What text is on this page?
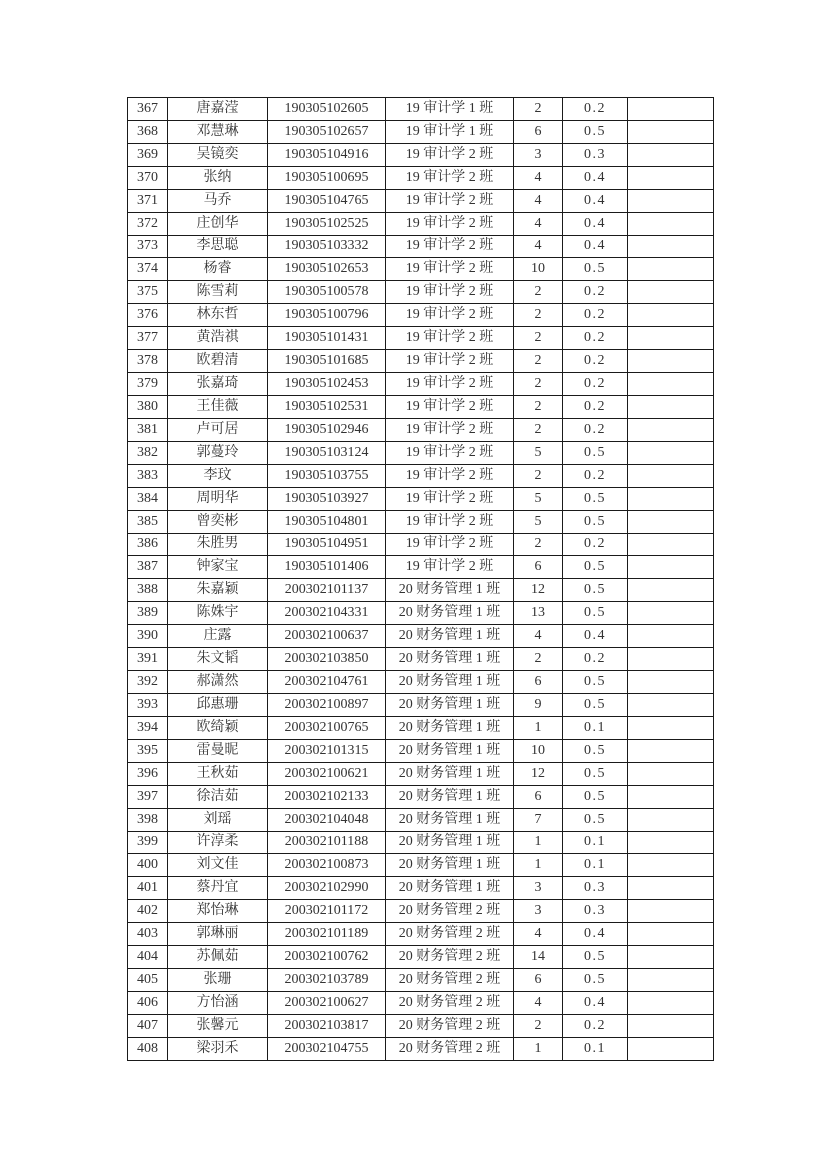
367	唐嘉滢	190305102605	19 审计学 1 班	2	0.2	
368	邓慧琳	190305102657	19 审计学 1 班	6	0.5	
369	吴镜奕	190305104916	19 审计学 2 班	3	0.3	
370	张纳	190305100695	19 审计学 2 班	4	0.4	
371	马乔	190305104765	19 审计学 2 班	4	0.4	
372	庄创华	190305102525	19 审计学 2 班	4	0.4	
373	李思聪	190305103332	19 审计学 2 班	4	0.4	
374	杨睿	190305102653	19 审计学 2 班	10	0.5	
375	陈雪莉	190305100578	19 审计学 2 班	2	0.2	
376	林东哲	190305100796	19 审计学 2 班	2	0.2	
377	黄浩祺	190305101431	19 审计学 2 班	2	0.2	
378	欧碧清	190305101685	19 审计学 2 班	2	0.2	
379	张嘉琦	190305102453	19 审计学 2 班	2	0.2	
380	王佳薇	190305102531	19 审计学 2 班	2	0.2	
381	卢可居	190305102946	19 审计学 2 班	2	0.2	
382	郭蔓玲	190305103124	19 审计学 2 班	5	0.5	
383	李玟	190305103755	19 审计学 2 班	2	0.2	
384	周明华	190305103927	19 审计学 2 班	5	0.5	
385	曾奕彬	190305104801	19 审计学 2 班	5	0.5	
386	朱胜男	190305104951	19 审计学 2 班	2	0.2	
387	钟家宝	190305101406	19 审计学 2 班	6	0.5	
388	朱嘉颖	200302101137	20 财务管理 1 班	12	0.5	
389	陈姝宇	200302104331	20 财务管理 1 班	13	0.5	
390	庄露	200302100637	20 财务管理 1 班	4	0.4	
391	朱文韬	200302103850	20 财务管理 1 班	2	0.2	
392	郝潇然	200302104761	20 财务管理 1 班	6	0.5	
393	邱惠珊	200302100897	20 财务管理 1 班	9	0.5	
394	欧绮颖	200302100765	20 财务管理 1 班	1	0.1	
395	雷曼昵	200302101315	20 财务管理 1 班	10	0.5	
396	王秋茹	200302100621	20 财务管理 1 班	12	0.5	
397	徐洁茹	200302102133	20 财务管理 1 班	6	0.5	
398	刘瑶	200302104048	20 财务管理 1 班	7	0.5	
399	许淳柔	200302101188	20 财务管理 1 班	1	0.1	
400	刘文佳	200302100873	20 财务管理 1 班	1	0.1	
401	蔡丹宜	200302102990	20 财务管理 1 班	3	0.3	
402	郑怡琳	200302101172	20 财务管理 2 班	3	0.3	
403	郭琳丽	200302101189	20 财务管理 2 班	4	0.4	
404	苏佩茹	200302100762	20 财务管理 2 班	14	0.5	
405	张珊	200302103789	20 财务管理 2 班	6	0.5	
406	方怡涵	200302100627	20 财务管理 2 班	4	0.4	
407	张馨元	200302103817	20 财务管理 2 班	2	0.2	
408	梁羽禾	200302104755	20 财务管理 2 班	1	0.1	
